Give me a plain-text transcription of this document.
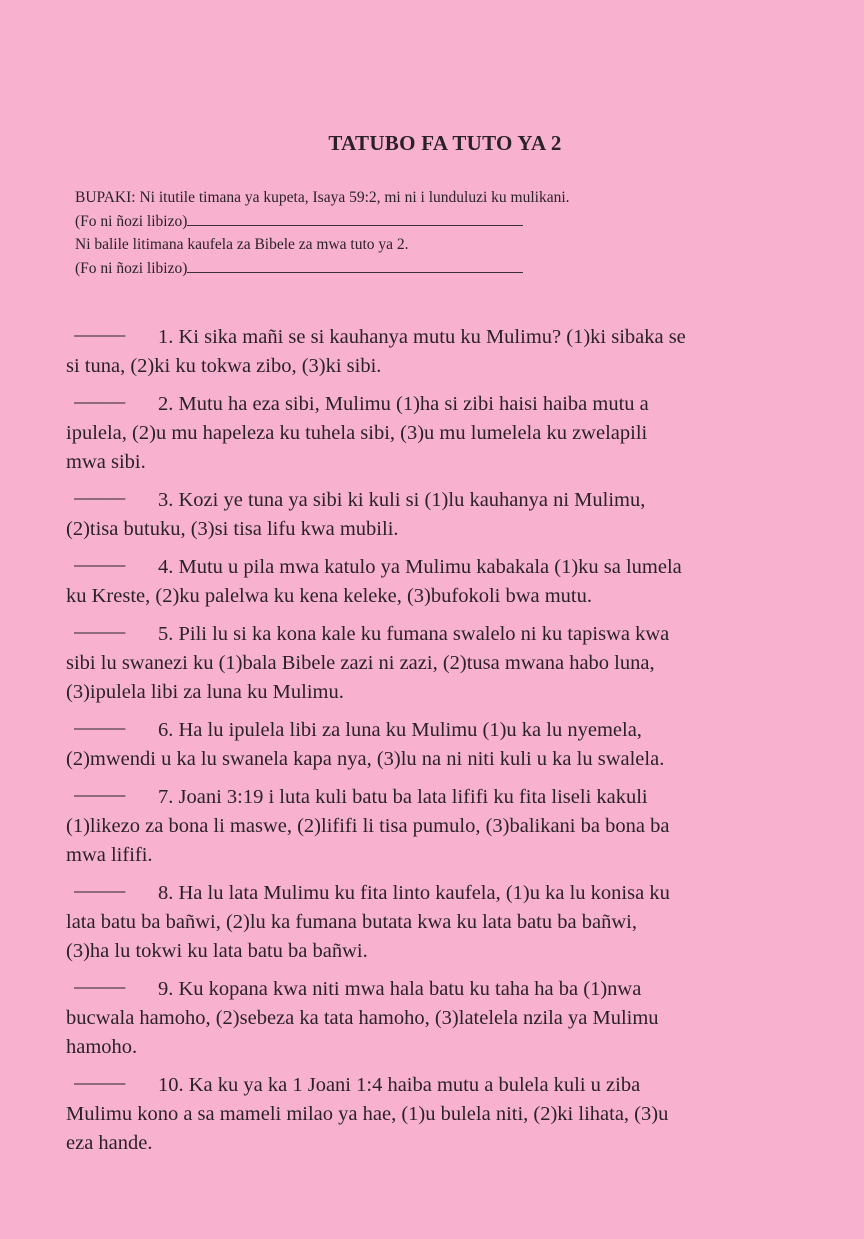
TATUBO FA TUTO YA 2
BUPAKI: Ni itutile timana ya kupeta, Isaya 59:2, mi ni i lunduluzi ku mulikani.
(Fo ni ñozi libizo)
Ni balile litimana kaufela za Bibele za mwa tuto ya 2.
(Fo ni ñozi libizo)
_____ 1. Ki sika mañi se si kauhanya mutu ku Mulimu? (1)ki sibaka se
si tuna, (2)ki ku tokwa zibo, (3)ki sibi.
_____ 2. Mutu ha eza sibi, Mulimu (1)ha si zibi haisi haiba mutu a
ipulela, (2)u mu hapeleza ku tuhela sibi, (3)u mu lumelela ku zwelapili
mwa sibi.
_____ 3. Kozi ye tuna ya sibi ki kuli si (1)lu kauhanya ni Mulimu,
(2)tisa butuku, (3)si tisa lifu kwa mubili.
_____ 4. Mutu u pila mwa katulo ya Mulimu kabakala (1)ku sa lumela
ku Kreste, (2)ku palelwa ku kena keleke, (3)bufokoli bwa mutu.
_____ 5. Pili lu si ka kona kale ku fumana swalelo ni ku tapiswa kwa
sibi lu swanezi ku (1)bala Bibele zazi ni zazi, (2)tusa mwana habo luna,
(3)ipulela libi za luna ku Mulimu.
_____ 6. Ha lu ipulela libi za luna ku Mulimu (1)u ka lu nyemela,
(2)mwendi u ka lu swanela kapa nya, (3)lu na ni niti kuli u ka lu swalela.
_____ 7. Joani 3:19 i luta kuli batu ba lata lififi ku fita liseli kakuli
(1)likezo za bona li maswe, (2)lififi li tisa pumulo, (3)balikani ba bona ba
mwa lififi.
_____ 8. Ha lu lata Mulimu ku fita linto kaufela, (1)u ka lu konisa ku
lata batu ba bañwi, (2)lu ka fumana butata kwa ku lata batu ba bañwi,
(3)ha lu tokwi ku lata batu ba bañwi.
_____ 9. Ku kopana kwa niti mwa hala batu ku taha ha ba (1)nwa
bucwala hamoho, (2)sebeza ka tata hamoho, (3)latelela nzila ya Mulimu
hamoho.
_____ 10. Ka ku ya ka 1 Joani 1:4 haiba mutu a bulela kuli u ziba
Mulimu kono a sa mameli milao ya hae, (1)u bulela niti, (2)ki lihata, (3)u
eza hande.
